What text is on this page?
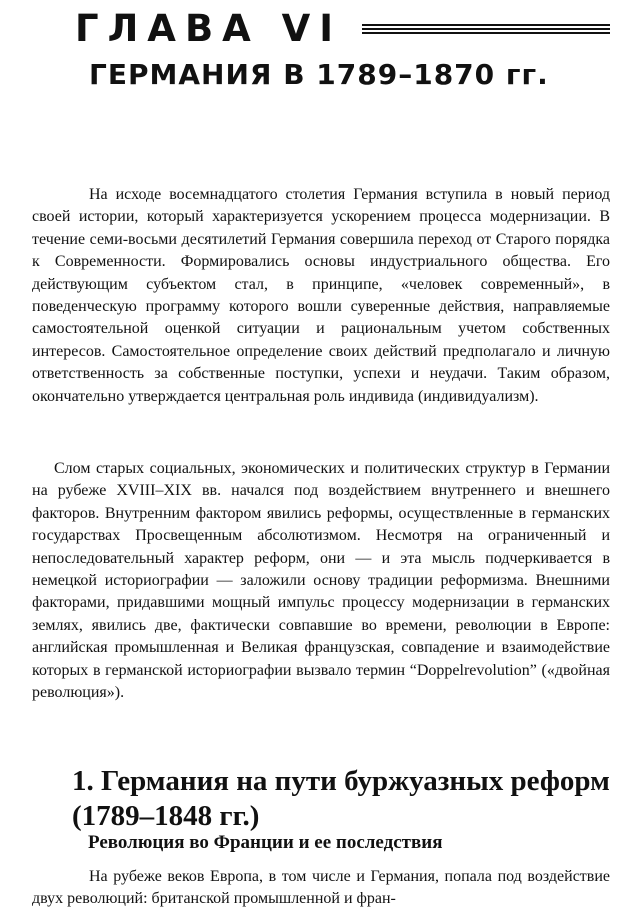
ГЛАВА VI
ГЕРМАНИЯ В 1789–1870 гг.

На исходе восемнадцатого столетия Германия вступила в новый период своей истории, который характеризуется ускорением процесса модернизации. В течение семи-восьми десятилетий Германия совершила переход от Старого порядка к Современности. Формировались основы индустриального общества. Его действующим субъектом стал, в принципе, «человек современный», в поведенческую программу которого вошли суверенные действия, направляемые самостоятельной оценкой ситуации и рациональным учетом собственных интересов. Самостоятельное определение своих действий предполагало и личную ответственность за собственные поступки, успехи и неудачи. Таким образом, окончательно утверждается центральная роль индивида (индивидуализм).

Слом старых социальных, экономических и политических структур в Германии на рубеже XVIII–XIX вв. начался под воздействием внутреннего и внешнего факторов. Внутренним фактором явились реформы, осуществленные в германских государствах Просвещенным абсолютизмом. Несмотря на ограниченный и непоследовательный характер реформ, они — и эта мысль подчеркивается в немецкой историографии — заложили основу традиции реформизма. Внешними факторами, придавшими мощный импульс процессу модернизации в германских землях, явились две, фактически совпавшие во времени, революции в Европе: английская промышленная и Великая французская, совпадение и взаимодействие которых в германской историографии вызвало термин “Doppelrevolution” («двойная революция»).

1. Германия на пути буржуазных реформ (1789–1848 гг.)
Революция во Франции и ее последствия

На рубеже веков Европа, в том числе и Германия, попала под воздействие двух революций: британской промышленной и фран-
